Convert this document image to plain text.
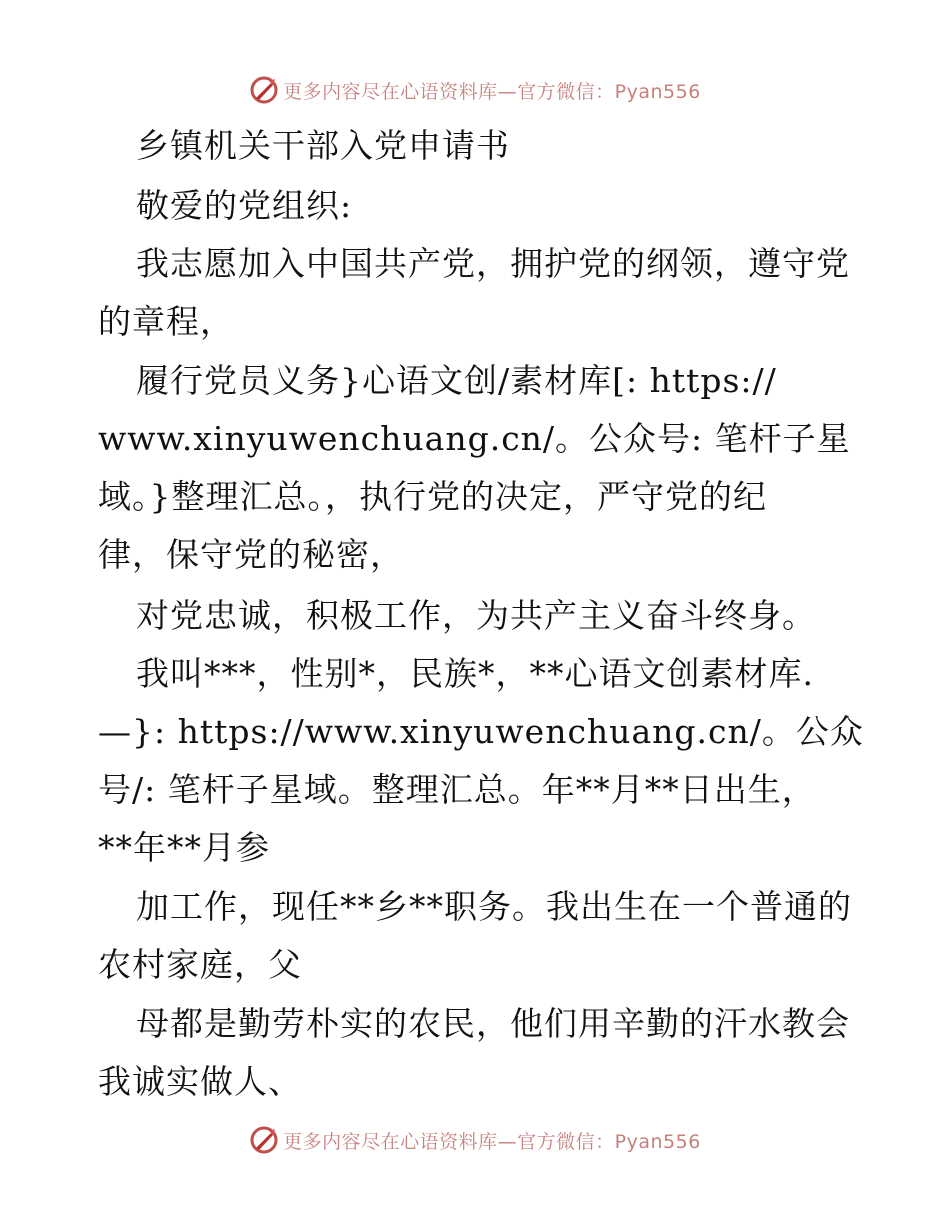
更多内容尽在心语资料库—官方微信：Pyan556
乡镇机关干部入党申请书
敬爱的党组织:
我志愿加入中国共产党，拥护党的纲领，遵守党
的章程，
履行党员义务}心语文创/素材库[: https://
www.xinyuwenchuang.cn/。公众号: 笔杆子星
域。}整理汇总。，执行党的决定，严守党的纪
律，保守党的秘密，
对党忠诚，积极工作，为共产主义奋斗终身。
我叫***，性别*，民族*，**心语文创素材库.
—}: https://www.xinyuwenchuang.cn/。公众
号/: 笔杆子星域。整理汇总。年**月**日出生，
**年**月参
加工作，现任**乡**职务。我出生在一个普通的
农村家庭，父
母都是勤劳朴实的农民，他们用辛勤的汗水教会
我诚实做人、
更多内容尽在心语资料库—官方微信：Pyan556
